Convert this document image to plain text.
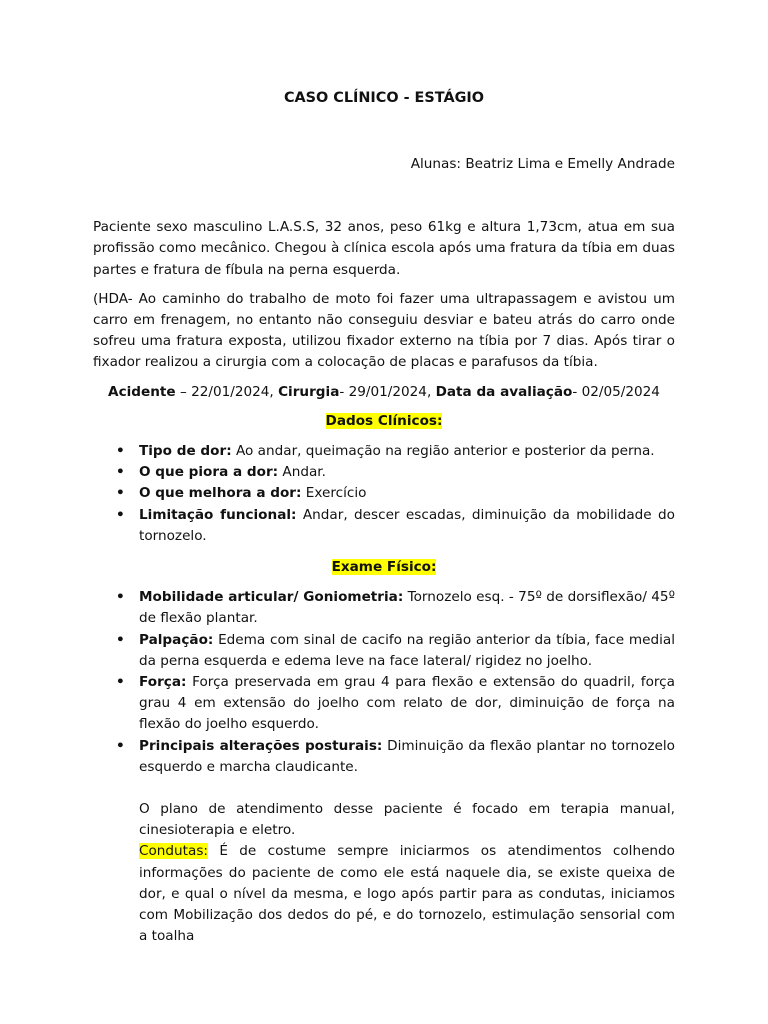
CASO CLÍNICO - ESTÁGIO

Alunas: Beatriz Lima e Emelly Andrade

Paciente sexo masculino L.A.S.S, 32 anos, peso 61kg e altura 1,73cm, atua em sua profissão como mecânico. Chegou à clínica escola após uma fratura da tíbia em duas partes e fratura de fíbula na perna esquerda.

(HDA- Ao caminho do trabalho de moto foi fazer uma ultrapassagem e avistou um carro em frenagem, no entanto não conseguiu desviar e bateu atrás do carro onde sofreu uma fratura exposta, utilizou fixador externo na tíbia por 7 dias. Após tirar o fixador realizou a cirurgia com a colocação de placas e parafusos da tíbia.

Acidente – 22/01/2024, Cirurgia- 29/01/2024, Data da avaliação- 02/05/2024

Dados Clínicos:

• Tipo de dor: Ao andar, queimação na região anterior e posterior da perna.
• O que piora a dor: Andar.
• O que melhora a dor: Exercício
• Limitação funcional: Andar, descer escadas, diminuição da mobilidade do tornozelo.

Exame Físico:

• Mobilidade articular/ Goniometria: Tornozelo esq. - 75º de dorsiflexão/ 45º de flexão plantar.
• Palpação: Edema com sinal de cacifo na região anterior da tíbia, face medial da perna esquerda e edema leve na face lateral/ rigidez no joelho.
• Força: Força preservada em grau 4 para flexão e extensão do quadril, força grau 4 em extensão do joelho com relato de dor, diminuição de força na flexão do joelho esquerdo.
• Principais alterações posturais: Diminuição da flexão plantar no tornozelo esquerdo e marcha claudicante.

O plano de atendimento desse paciente é focado em terapia manual, cinesioterapia e eletro.

Condutas: É de costume sempre iniciarmos os atendimentos colhendo informações do paciente de como ele está naquele dia, se existe queixa de dor, e qual o nível da mesma, e logo após partir para as condutas, iniciamos com Mobilização dos dedos do pé, e do tornozelo, estimulação sensorial com a toalha
